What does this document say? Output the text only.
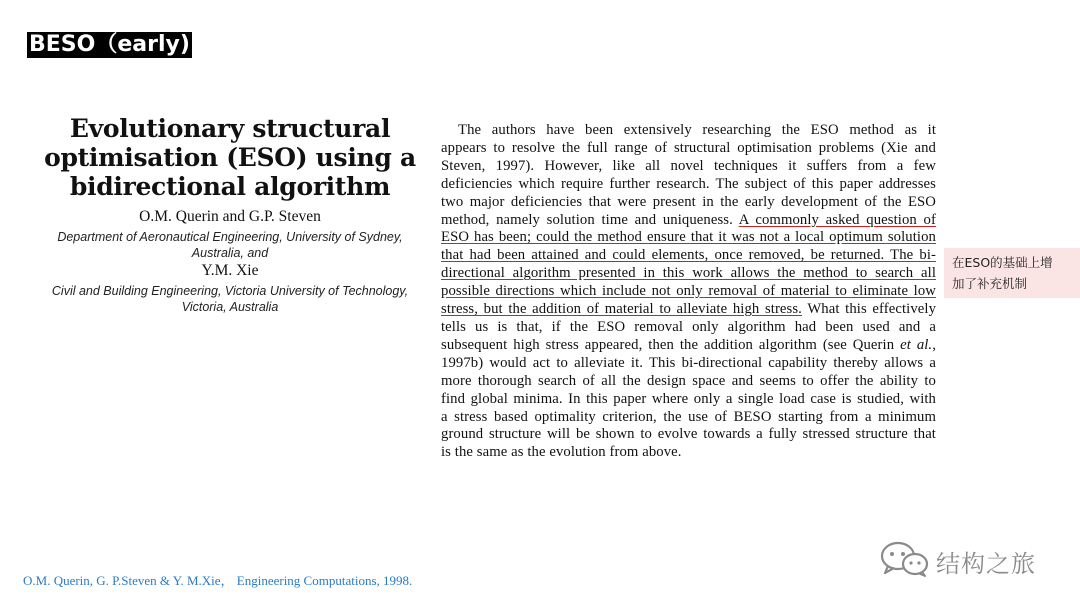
BESO（early)
Evolutionary structural
optimisation (ESO) using a
bidirectional algorithm
O.M. Querin and G.P. Steven
Department of Aeronautical Engineering, University of Sydney,
Australia, and
Y.M. Xie
Civil and Building Engineering, Victoria University of Technology,
Victoria, Australia
The authors have been extensively researching the ESO method as it
appears to resolve the full range of structural optimisation problems (Xie and
Steven, 1997). However, like all novel techniques it suffers from a few
deficiencies which require further research. The subject of this paper addresses
two major deficiencies that were present in the early development of the ESO
method, namely solution time and uniqueness. A commonly asked question of
ESO has been; could the method ensure that it was not a local optimum solution
that had been attained and could elements, once removed, be returned. The bi-
directional algorithm presented in this work allows the method to search all
possible directions which include not only removal of material to eliminate low
stress, but the addition of material to alleviate high stress. What this effectively
tells us is that, if the ESO removal only algorithm had been used and a
subsequent high stress appeared, then the addition algorithm (see Querin et al.,
1997b) would act to alleviate it. This bi-directional capability thereby allows a
more thorough search of all the design space and seems to offer the ability to
find global minima. In this paper where only a single load case is studied, with
a stress based optimality criterion, the use of BESO starting from a minimum
ground structure will be shown to evolve towards a fully stressed structure that
is the same as the evolution from above.
在ESO的基础上增
加了补充机制
O.M. Querin, G. P.Steven & Y. M.Xie， Engineering Computations, 1998.
结构之旅
